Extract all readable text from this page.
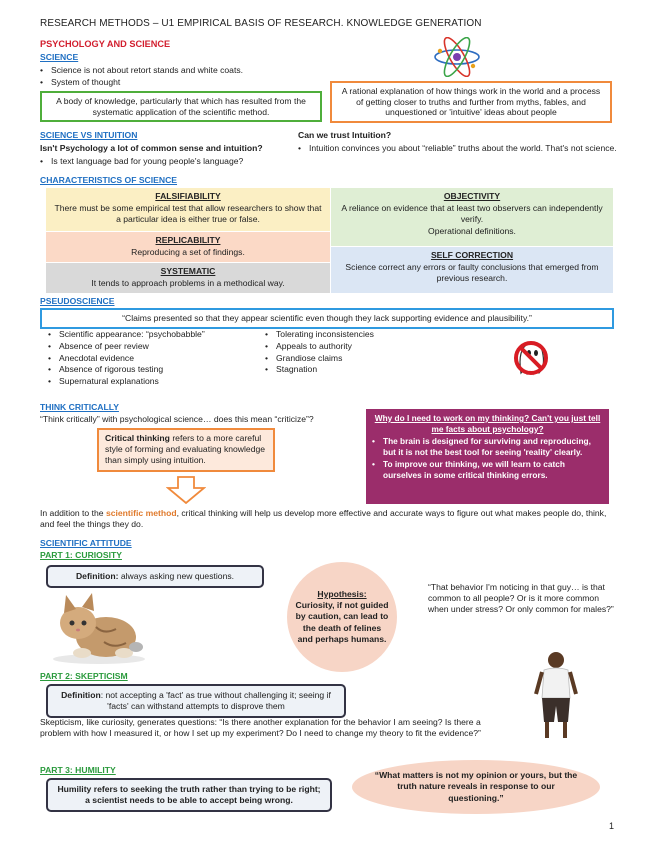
RESEARCH METHODS – U1 EMPIRICAL BASIS OF RESEARCH. KNOWLEDGE GENERATION
PSYCHOLOGY AND SCIENCE
SCIENCE
• Science is not about retort stands and white coats.
• System of thought
A body of knowledge, particularly that which has resulted from the systematic application of the scientific method.
A rational explanation of how things work in the world and a process of getting closer to truths and further from myths, fables, and unquestioned or 'intuitive' ideas about people
SCIENCE VS INTUITION
Isn't Psychology a lot of common sense and intuition?
• Is text language bad for young people's language?
Can we trust Intuition?
• Intuition convinces you about “reliable” truths about the world. That's not science.
CHARACTERISTICS OF SCIENCE
FALSIFIABILITY
There must be some empirical test that allow researchers to show that a particular idea is either true or false.
REPLICABILITY
Reproducing a set of findings.
SYSTEMATIC
It tends to approach problems in a methodical way.
OBJECTIVITY
A reliance on evidence that at least two observers can independently verify.
Operational definitions.
SELF CORRECTION
Science correct any errors or faulty conclusions that emerged from previous research.
PSEUDOSCIENCE
“Claims presented so that they appear scientific even though they lack supporting evidence and plausibility.”
• Scientific appearance: “psychobabble”
• Absence of peer review
• Anecdotal evidence
• Absence of rigorous testing
• Supernatural explanations
• Tolerating inconsistencies
• Appeals to authority
• Grandiose claims
• Stagnation
THINK CRITICALLY
“Think critically” with psychological science… does this mean “criticize”?
Critical thinking refers to a more careful style of forming and evaluating knowledge than simply using intuition.
Why do I need to work on my thinking? Can't you just tell me facts about psychology?
• The brain is designed for surviving and reproducing, but it is not the best tool for seeing 'reality' clearly.
• To improve our thinking, we will learn to catch ourselves in some critical thinking errors.
In addition to the scientific method, critical thinking will help us develop more effective and accurate ways to figure out what makes people do, think, and feel the things they do.
SCIENTIFIC ATTITUDE
PART 1: CURIOSITY
Definition: always asking new questions.
Hypothesis:
Curiosity, if not guided by caution, can lead to the death of felines and perhaps humans.
“That behavior I'm noticing in that guy… is that common to all people? Or is it more common when under stress? Or only common for males?”
PART 2: SKEPTICISM
Definition: not accepting a 'fact' as true without challenging it; seeing if 'facts' can withstand attempts to disprove them
Skepticism, like curiosity, generates questions: “Is there another explanation for the behavior I am seeing? Is there a problem with how I measured it, or how I set up my experiment? Do I need to change my theory to fit the evidence?”
PART 3: HUMILITY
Humility refers to seeking the truth rather than trying to be right; a scientist needs to be able to accept being wrong.
“What matters is not my opinion or yours, but the truth nature reveals in response to our questioning.”
1
